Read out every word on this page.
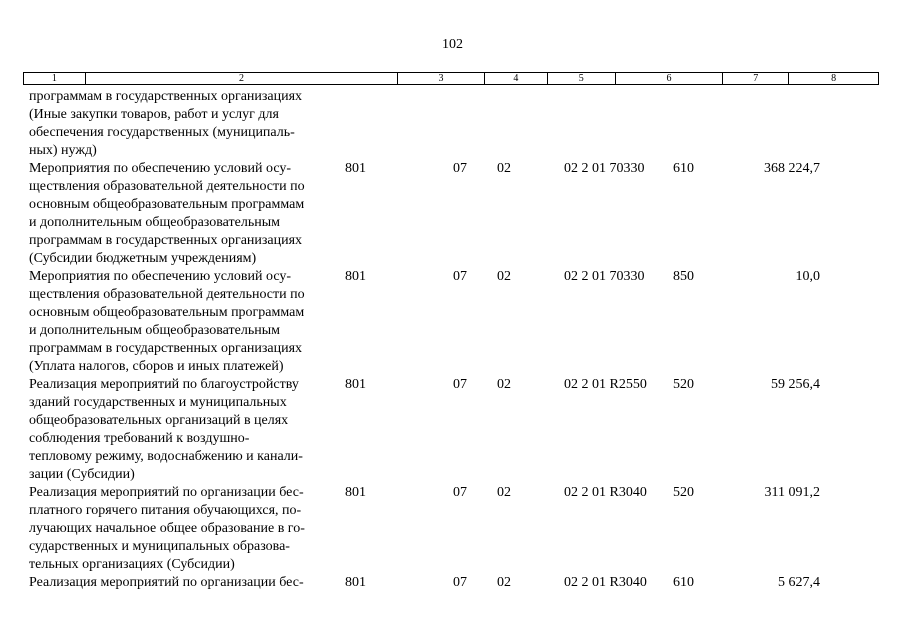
102
1	2	3	4	5	6	7	8
программам в государственных организациях
(Иные закупки товаров, работ и услуг для
обеспечения государственных (муниципаль-
ных) нужд)
Мероприятия по обеспечению условий осу-
ществления образовательной деятельности по
основным общеобразовательным программам
и дополнительным общеобразовательным
программам в государственных организациях
(Субсидии бюджетным учреждениям)
801	07	02	02 2 01 70330	610	368 224,7
Мероприятия по обеспечению условий осу-
ществления образовательной деятельности по
основным общеобразовательным программам
и дополнительным общеобразовательным
программам в государственных организациях
(Уплата налогов, сборов и иных платежей)
801	07	02	02 2 01 70330	850	10,0
Реализация мероприятий по благоустройству
зданий государственных и муниципальных
общеобразовательных организаций в целях
соблюдения требований к воздушно-
тепловому режиму, водоснабжению и канали-
зации (Субсидии)
801	07	02	02 2 01 R2550	520	59 256,4
Реализация мероприятий по организации бес-
платного горячего питания обучающихся, по-
лучающих начальное общее образование в го-
сударственных и муниципальных образова-
тельных организациях (Субсидии)
801	07	02	02 2 01 R3040	520	311 091,2
Реализация мероприятий по организации бес-	801	07	02	02 2 01 R3040	610	5 627,4
